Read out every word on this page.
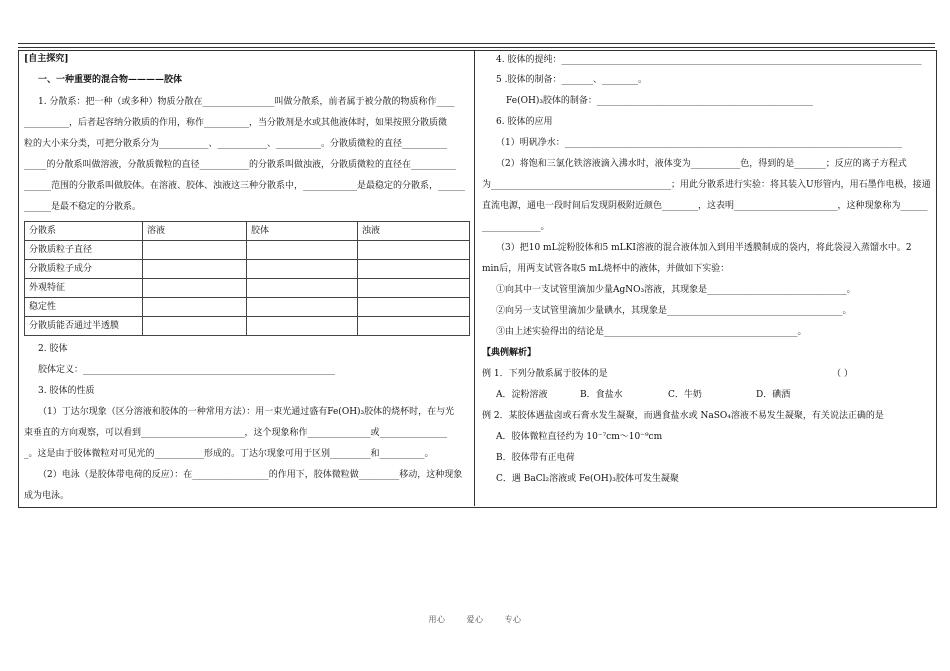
[自主探究]

一、一种重要的混合物————胶体

1. 分散系：把一种（或多种）物质分散在________________叫做分散系，前者属于被分散的物质称作____

__________，后者起容纳分散质的作用，称作__________，当分散剂是水或其他液体时，如果按照分散质微

粒的大小来分类，可把分散系分为___________、___________、__________。分散质微粒的直径__________

_____的分散系叫做溶液，分散质微粒的直径___________的分散系叫做浊液，分散质微粒的直径在__________

______范围的分散系叫做胶体。在溶液、胶体、浊液这三种分散系中，____________是最稳定的分散系，______

______是最不稳定的分散系。

分散系	溶液	胶体	浊液
分散质粒子直径			
分散质粒子成分			
外观特征			
稳定性			
分散质能否通过半透膜			

2. 胶体

胶体定义：________________________________________________________

3. 胶体的性质

（1）丁达尔现象（区分溶液和胶体的一种常用方法）：用一束光通过盛有Fe(OH)₃胶体的烧杯时，在与光

束垂直的方向观察，可以看到_______________________，这个现象称作______________或_______________

_。这是由于胶体微粒对可见光的___________形成的。丁达尔现象可用于区别_________和__________。

（2）电泳（是胶体带电荷的反应）：在_________________的作用下，胶体微粒做_________移动，这种现象

成为电泳。

4. 胶体的提纯：________________________________________________________________________________

5 .胶体的制备：_______、________。

Fe(OH)₃胶体的制备：________________________________________________

6. 胶体的应用

（1）明矾净水：___________________________________________________________________________

（2）将饱和三氯化铁溶液滴入沸水时，液体变为___________色，得到的是_______；反应的离子方程式

为________________________________________；用此分散系进行实验：将其装入U形管内，用石墨作电极，接通

直流电源，通电一段时间后发现阴极附近颜色________，这表明_______________________，这种现象称为______

_____________。

（3）把10 mL淀粉胶体和5 mLKI溶液的混合液体加入到用半透膜制成的袋内，将此袋浸入蒸馏水中。2

min后，用两支试管各取5 mL烧杯中的液体，并做如下实验：

①向其中一支试管里滴加少量AgNO₃溶液，其现象是_______________________________。

②向另一支试管里滴加少量碘水，其现象是_______________________________________。

③由上述实验得出的结论是___________________________________________。

【典例解析】

例 1．下列分散系属于胶体的是	（ ）

A．淀粉溶液	B．食盐水	C．牛奶	D．碘酒

例 2．某胶体遇盐卤或石膏水发生凝聚，而遇食盐水或 NaSO₄溶液不易发生凝聚，有关说法正确的是

A．胶体微粒直径约为 10⁻⁷cm～10⁻⁹cm

B．胶体带有正电荷

C．遇 BaCl₂溶液或 Fe(OH)₃胶体可发生凝聚

用心	爱心	专心
